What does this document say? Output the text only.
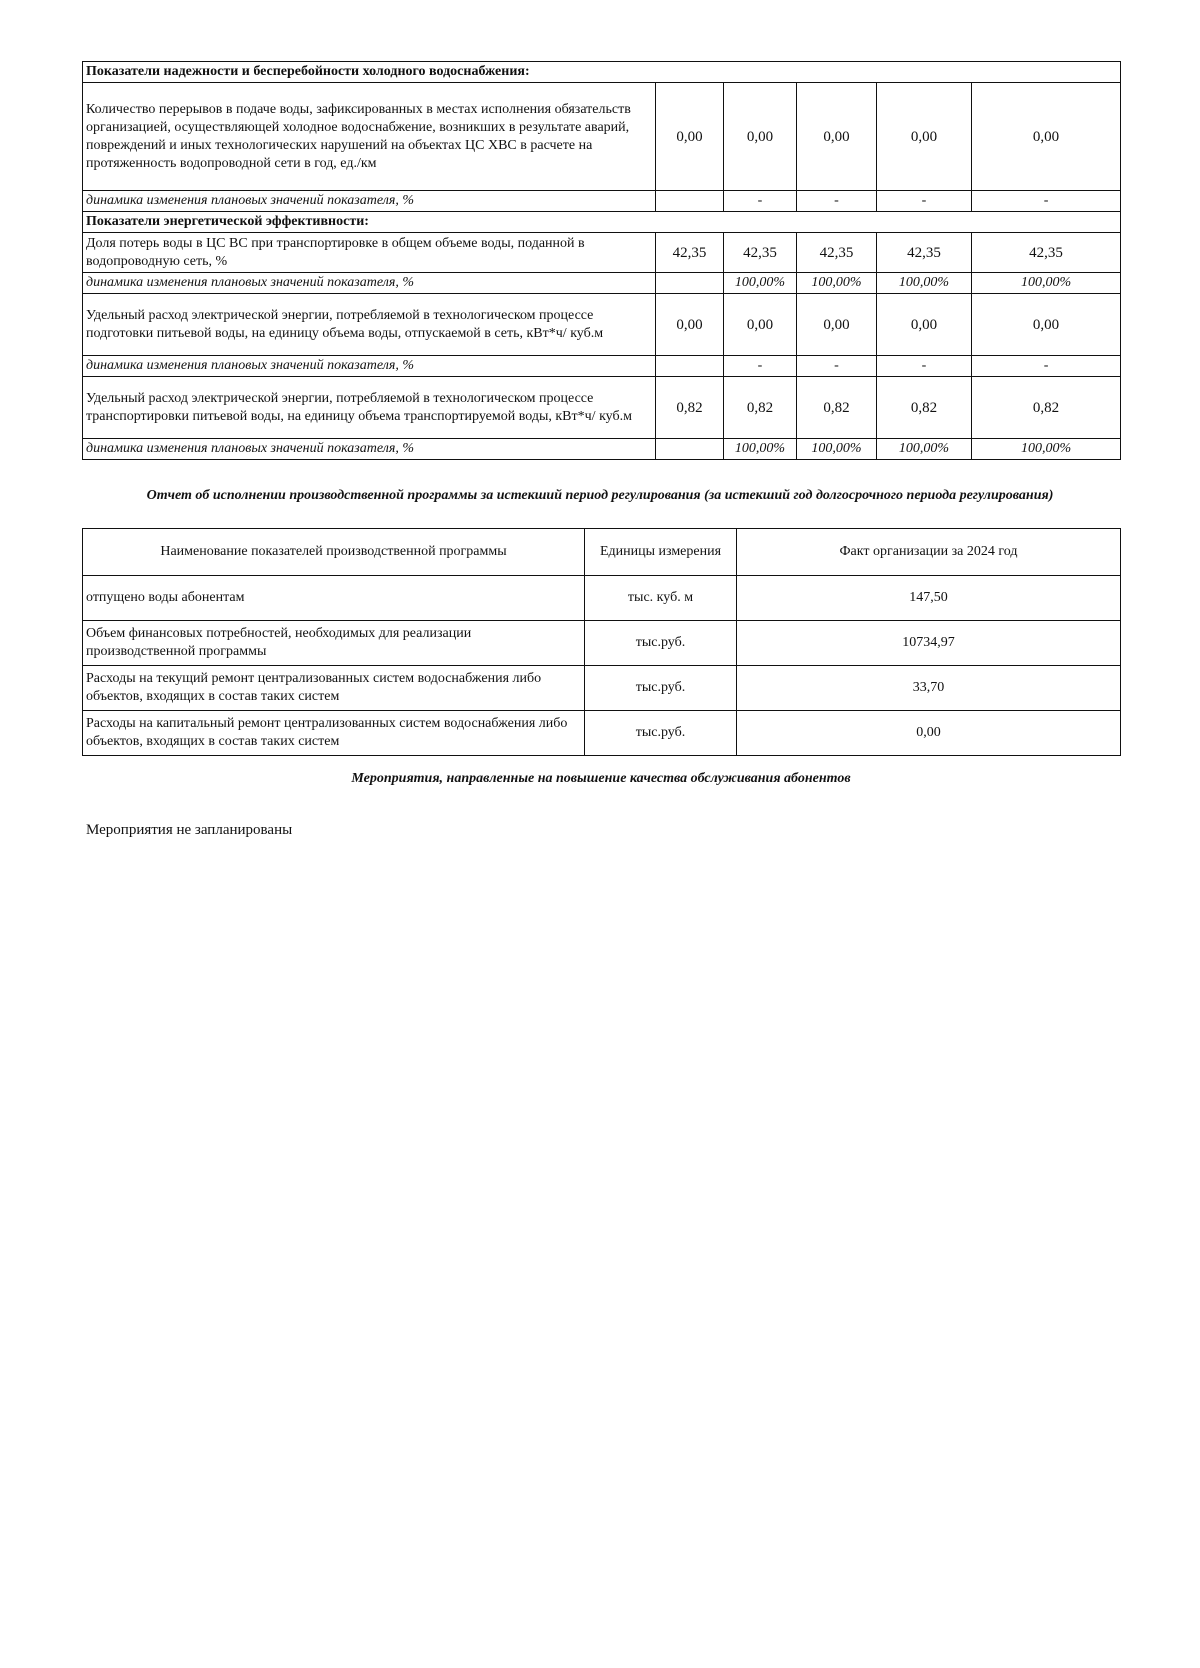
Показатели надежности и бесперебойности холодного водоснабжения:					
Количество перерывов в подаче воды, зафиксированных в местах исполнения обязательств организацией, осуществляющей холодное водоснабжение, возникших в результате аварий, повреждений и иных технологических нарушений на объектах ЦС ХВС в расчете на протяженность водопроводной сети в год, ед./км	0,00	0,00	0,00	0,00	0,00
динамика изменения плановых значений показателя, %		-	-	-	-
Показатели энергетической эффективности:					
Доля потерь воды в ЦС ВС при транспортировке в общем объеме воды, поданной в водопроводную сеть, %	42,35	42,35	42,35	42,35	42,35
динамика изменения плановых значений показателя, %		100,00%	100,00%	100,00%	100,00%
Удельный расход электрической энергии, потребляемой в технологическом процессе подготовки питьевой воды, на единицу объема воды, отпускаемой в сеть, кВт*ч/ куб.м	0,00	0,00	0,00	0,00	0,00
динамика изменения плановых значений показателя, %		-	-	-	-
Удельный расход электрической энергии, потребляемой в технологическом процессе транспортировки питьевой воды, на единицу объема транспортируемой воды, кВт*ч/ куб.м	0,82	0,82	0,82	0,82	0,82
динамика изменения плановых значений показателя, %		100,00%	100,00%	100,00%	100,00%
Отчет об исполнении производственной программы за истекший период регулирования (за истекший год долгосрочного периода регулирования)
Наименование показателей производственной программы	Единицы измерения	Факт организации за 2024 год
отпущено воды абонентам	тыс. куб. м	147,50
Объем финансовых потребностей, необходимых для реализации производственной программы	тыс.руб.	10734,97
Расходы на текущий ремонт централизованных систем водоснабжения либо объектов, входящих в состав таких систем	тыс.руб.	33,70
Расходы на капитальный ремонт централизованных систем водоснабжения либо объектов, входящих в состав таких систем	тыс.руб.	0,00
Мероприятия, направленные на повышение качества обслуживания абонентов
Мероприятия не запланированы
